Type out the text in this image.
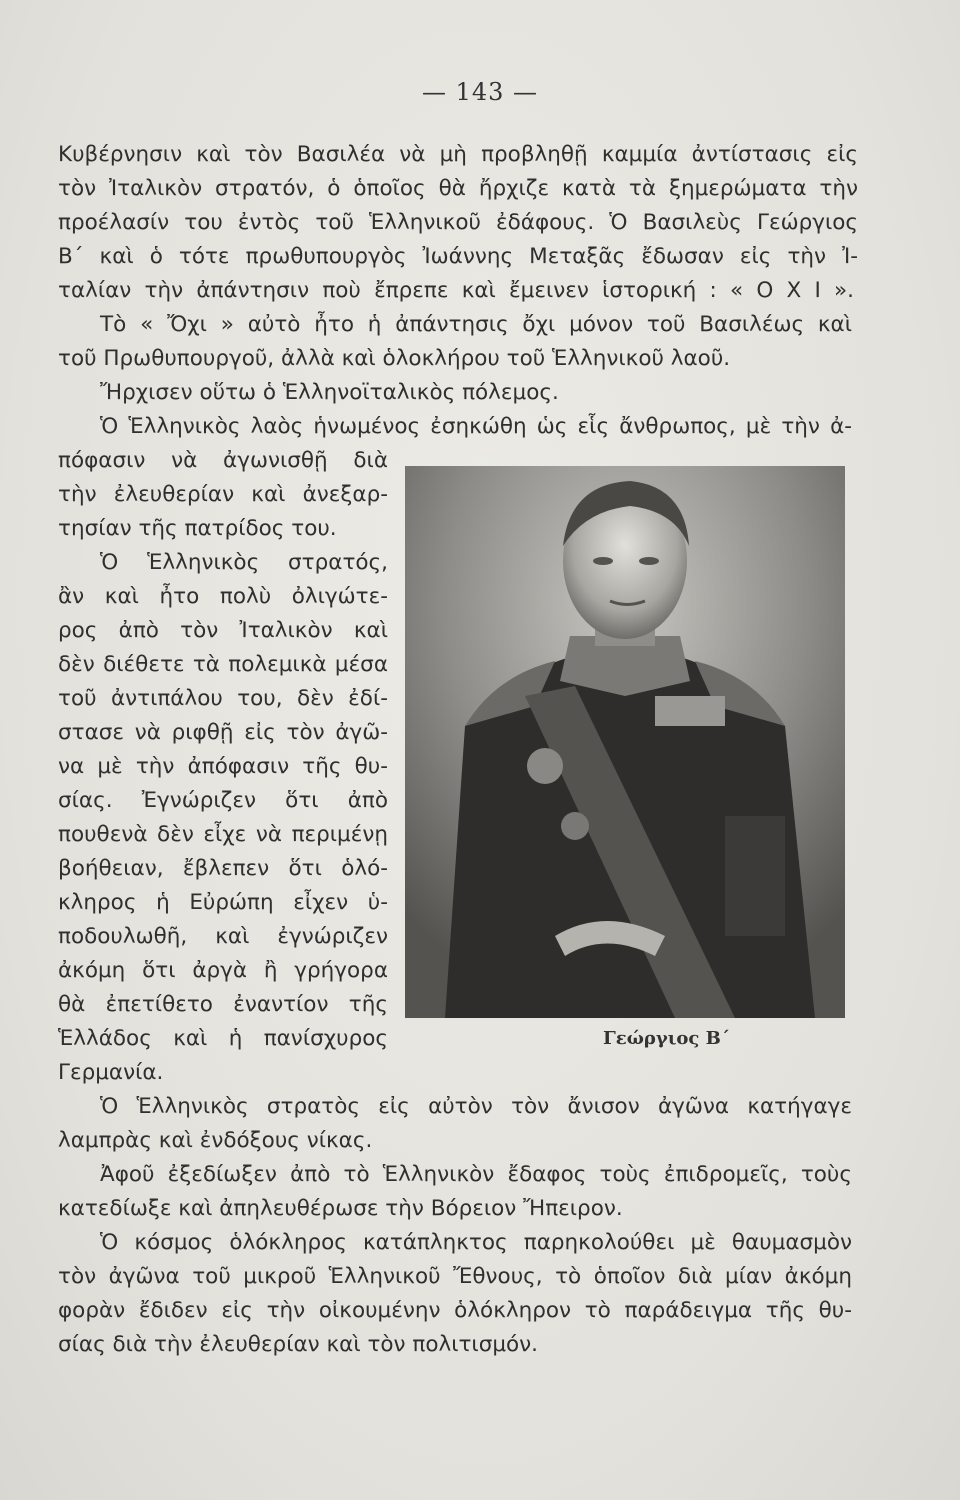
— 143 —
Κυβέρνησιν καὶ τὸν Βασιλέα νὰ μὴ προβληθῇ καμμία ἀντίστασις εἰς
τὸν Ἰταλικὸν στρατόν, ὁ ὁποῖος θὰ ἤρχιζε κατὰ τὰ ξημερώματα τὴν
προέλασίν του ἐντὸς τοῦ Ἑλληνικοῦ ἐδάφους. Ὁ Βασιλεὺς Γεώργιος
Β΄ καὶ ὁ τότε πρωθυπουργὸς Ἰωάννης Μεταξᾶς ἔδωσαν εἰς τὴν Ἰ-
ταλίαν τὴν ἀπάντησιν ποὺ ἔπρεπε καὶ ἔμεινεν ἱστορική : « Ο Χ Ι ».
Τὸ « Ὄχι » αὐτὸ ἦτο ἡ ἀπάντησις ὄχι μόνον τοῦ Βασιλέως καὶ
τοῦ Πρωθυπουργοῦ, ἀλλὰ καὶ ὁλοκλήρου τοῦ Ἑλληνικοῦ λαοῦ.
Ἤρχισεν οὕτω ὁ Ἑλληνοϊταλικὸς πόλεμος.
Ὁ Ἑλληνικὸς λαὸς ἡνωμένος ἐσηκώθη ὡς εἷς ἄνθρωπος, μὲ τὴν ἀ-
πόφασιν νὰ ἀγωνισθῇ διὰ
τὴν ἐλευθερίαν καὶ ἀνεξαρ-
τησίαν τῆς πατρίδος του.
Ὁ Ἑλληνικὸς στρατός,
ἂν καὶ ἦτο πολὺ ὀλιγώτε-
ρος ἀπὸ τὸν Ἰταλικὸν καὶ
δὲν διέθετε τὰ πολεμικὰ μέσα
τοῦ ἀντιπάλου του, δὲν ἐδί-
στασε νὰ ριφθῇ εἰς τὸν ἀγῶ-
να μὲ τὴν ἀπόφασιν τῆς θυ-
σίας. Ἐγνώριζεν ὅτι ἀπὸ
πουθενὰ δὲν εἶχε νὰ περιμένῃ
βοήθειαν, ἔβλεπεν ὅτι ὁλό-
κληρος ἡ Εὐρώπη εἶχεν ὑ-
ποδουλωθῆ, καὶ ἐγνώριζεν
ἀκόμη ὅτι ἀργὰ ἢ γρήγορα
θὰ ἐπετίθετο ἐναντίον τῆς
Ἑλλάδος καὶ ἡ πανίσχυρος
Γερμανία.
Γεώργιος Β΄
Ὁ Ἑλληνικὸς στρατὸς εἰς αὐτὸν τὸν ἄνισον ἀγῶνα κατήγαγε
λαμπρὰς καὶ ἐνδόξους νίκας.
Ἀφοῦ ἐξεδίωξεν ἀπὸ τὸ Ἑλληνικὸν ἔδαφος τοὺς ἐπιδρομεῖς, τοὺς
κατεδίωξε καὶ ἀπηλευθέρωσε τὴν Βόρειον Ἤπειρον.
Ὁ κόσμος ὁλόκληρος κατάπληκτος παρηκολούθει μὲ θαυμασμὸν
τὸν ἀγῶνα τοῦ μικροῦ Ἑλληνικοῦ Ἔθνους, τὸ ὁποῖον διὰ μίαν ἀκόμη
φορὰν ἔδιδεν εἰς τὴν οἰκουμένην ὁλόκληρον τὸ παράδειγμα τῆς θυ-
σίας διὰ τὴν ἐλευθερίαν καὶ τὸν πολιτισμόν.
